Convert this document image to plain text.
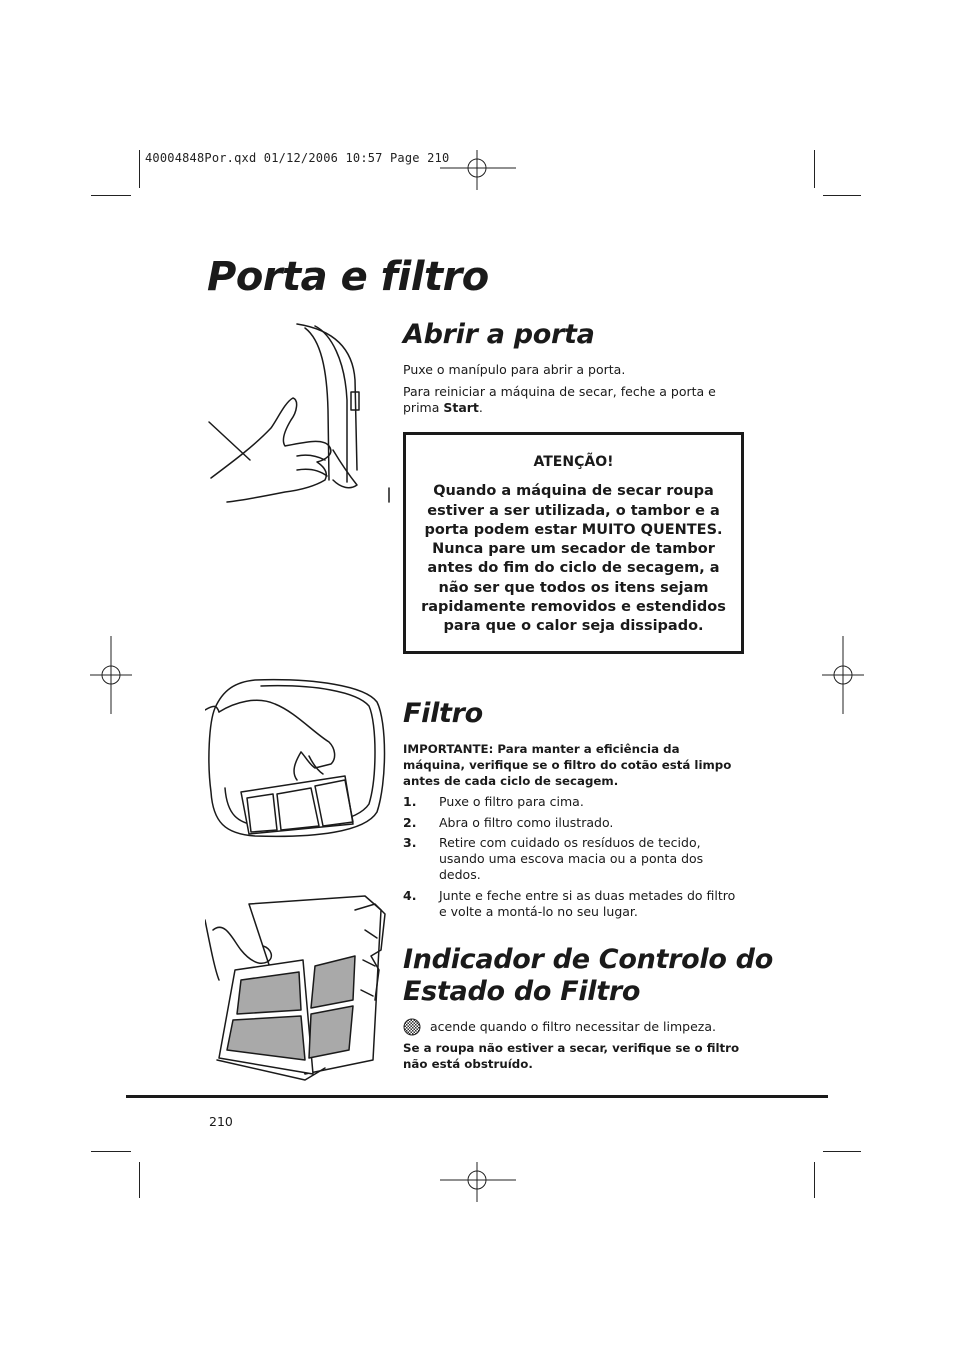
40004848Por.qxd 01/12/2006 10:57 Page 210
Porta e filtro
Abrir a porta

Puxe o manípulo para abrir a porta.

Para reiniciar a máquina de secar, feche a porta e prima Start.

ATENÇÃO!
Quando a máquina de secar roupa estiver a ser utilizada, o tambor e a porta podem estar MUITO QUENTES. Nunca pare um secador de tambor antes do fim do ciclo de secagem, a não ser que todos os itens sejam rapidamente removidos e estendidos para que o calor seja dissipado.
Filtro

IMPORTANTE: Para manter a eficiência da máquina, verifique se o filtro do cotão está limpo antes de cada ciclo de secagem.

1. Puxe o filtro para cima.
2. Abra o filtro como ilustrado.
3. Retire com cuidado os resíduos de tecido, usando uma escova macia ou a ponta dos dedos.
4. Junte e feche entre si as duas metades do filtro e volte a montá-lo no seu lugar.
Indicador de Controlo do
Estado do Filtro
acende quando o filtro necessitar de limpeza.

Se a roupa não estiver a secar, verifique se o filtro não está obstruído.

210
